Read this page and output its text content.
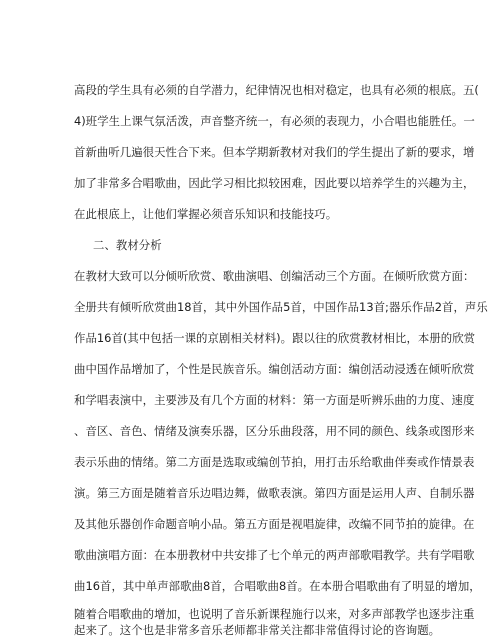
高段的学生具有必须的自学潜力，纪律情况也相对稳定，也具有必须的根底。五(
4)班学生上课气氛活泼，声音整齐统一，有必须的表现力，小合唱也能胜任。一
首新曲听几遍很天性合下来。但本学期新教材对我们的学生提出了新的要求，增
加了非常多合唱歌曲，因此学习相比拟较困难，因此要以培养学生的兴趣为主，
在此根底上，让他们掌握必须音乐知识和技能技巧。
二、教材分析
在教材大致可以分倾听欣赏、歌曲演唱、创编活动三个方面。在倾听欣赏方面：
全册共有倾听欣赏曲18首，其中外国作品5首，中国作品13首;器乐作品2首，声乐
作品16首(其中包括一课的京剧相关材料)。跟以往的欣赏教材相比，本册的欣赏
曲中国作品增加了，个性是民族音乐。编创活动方面：编创活动浸透在倾听欣赏
和学唱表演中，主要涉及有几个方面的材料：第一方面是听辨乐曲的力度、速度
、音区、音色、情绪及演奏乐器，区分乐曲段落，用不同的颜色、线条或图形来
表示乐曲的情绪。第二方面是选取或编创节拍，用打击乐给歌曲伴奏或作情景表
演。第三方面是随着音乐边唱边舞，做歌表演。第四方面是运用人声、自制乐器
及其他乐器创作命题音响小品。第五方面是视唱旋律，改编不同节拍的旋律。在
歌曲演唱方面：在本册教材中共安排了七个单元的两声部歌唱教学。共有学唱歌
曲16首，其中单声部歌曲8首，合唱歌曲8首。在本册合唱歌曲有了明显的增加，
随着合唱歌曲的增加，也说明了音乐新课程施行以来，对多声部教学也逐步注重
起来了。这个也是非常多音乐老师都非常关注都非常值得讨论的咨询题。
